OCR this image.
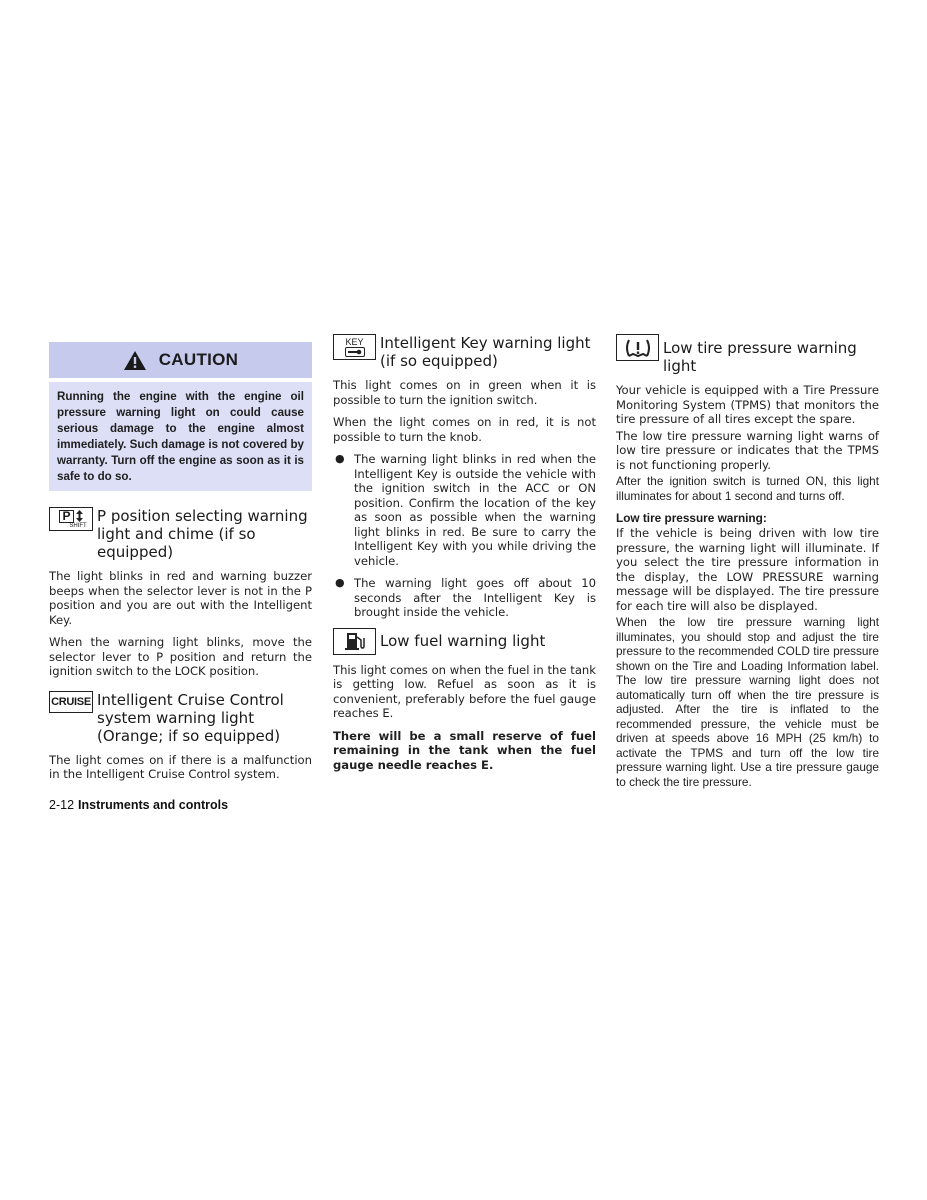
CAUTION
Running the engine with the engine oil pressure warning light on could cause serious damage to the engine almost immediately. Such damage is not covered by warranty. Turn off the engine as soon as it is safe to do so.
P
SHIFT
P position selecting warning light and chime (if so equipped)

The light blinks in red and warning buzzer beeps when the selector lever is not in the P position and you are out with the Intelligent Key.

When the warning light blinks, move the selector lever to P position and return the ignition switch to the LOCK position.

CRUISE Intelligent Cruise Control system warning light (Orange; if so equipped)

The light comes on if there is a malfunction in the Intelligent Cruise Control system.

KEY Intelligent Key warning light (if so equipped)

This light comes on in green when it is possible to turn the ignition switch.

When the light comes on in red, it is not possible to turn the knob.

● The warning light blinks in red when the Intelligent Key is outside the vehicle with the ignition switch in the ACC or ON position. Confirm the location of the key as soon as possible when the warning light blinks in red. Be sure to carry the Intelligent Key with you while driving the vehicle.
● The warning light goes off about 10 seconds after the Intelligent Key is brought inside the vehicle.
Low fuel warning light

This light comes on when the fuel in the tank is getting low. Refuel as soon as it is convenient, preferably before the fuel gauge reaches E.

There will be a small reserve of fuel remaining in the tank when the fuel gauge needle reaches E.

Low tire pressure warning light

Your vehicle is equipped with a Tire Pressure Monitoring System (TPMS) that monitors the tire pressure of all tires except the spare.

The low tire pressure warning light warns of low tire pressure or indicates that the TPMS is not functioning properly.

After the ignition switch is turned ON, this light illuminates for about 1 second and turns off.

Low tire pressure warning:

If the vehicle is being driven with low tire pressure, the warning light will illuminate. If you select the tire pressure information in the display, the LOW PRESSURE warning message will be displayed. The tire pressure for each tire will also be displayed.

When the low tire pressure warning light illuminates, you should stop and adjust the tire pressure to the recommended COLD tire pressure shown on the Tire and Loading Information label. The low tire pressure warning light does not automatically turn off when the tire pressure is adjusted. After the tire is inflated to the recommended pressure, the vehicle must be driven at speeds above 16 MPH (25 km/h) to activate the TPMS and turn off the low tire pressure warning light. Use a tire pressure gauge to check the tire pressure.

2-12 Instruments and controls
